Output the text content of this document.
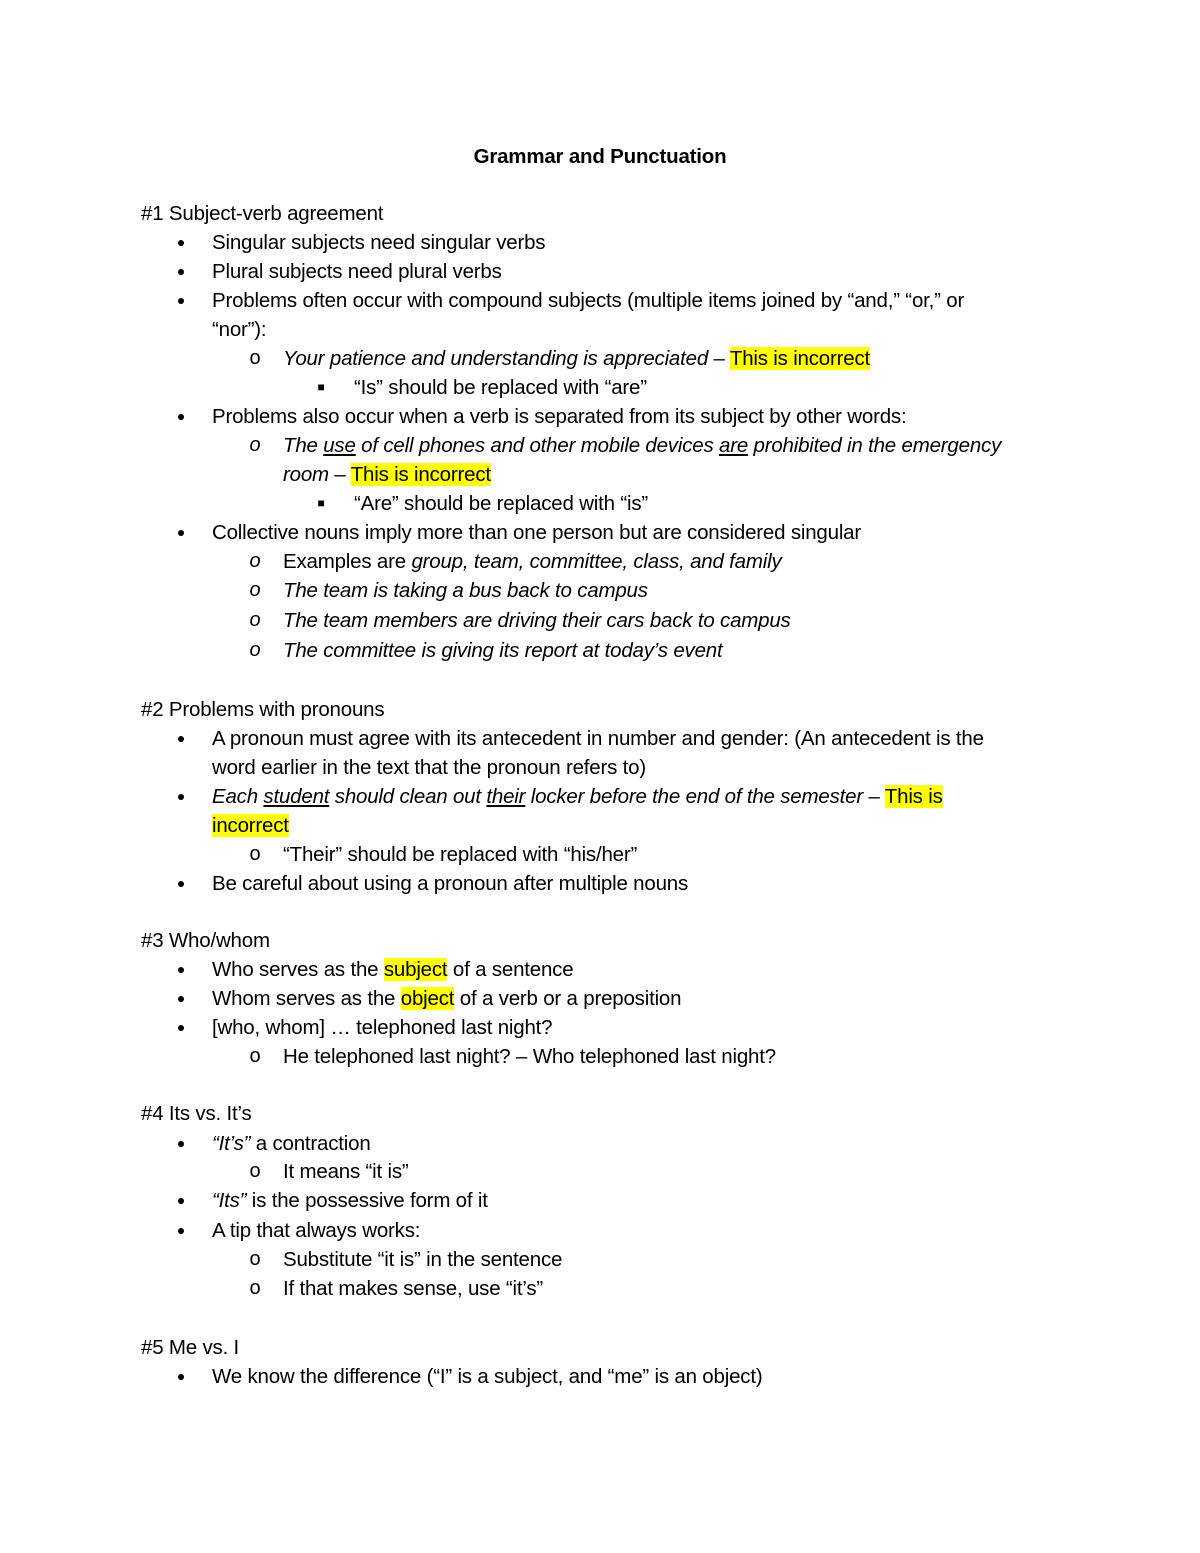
Grammar and Punctuation
#1 Subject-verb agreement
● Singular subjects need singular verbs
● Plural subjects need plural verbs
● Problems often occur with compound subjects (multiple items joined by “and,” “or,” or
“nor”):
o Your patience and understanding is appreciated – This is incorrect
■ “Is” should be replaced with “are”
● Problems also occur when a verb is separated from its subject by other words:
o The use of cell phones and other mobile devices are prohibited in the emergency
room – This is incorrect
■ “Are” should be replaced with “is”
● Collective nouns imply more than one person but are considered singular
o Examples are group, team, committee, class, and family
o The team is taking a bus back to campus
o The team members are driving their cars back to campus
o The committee is giving its report at today’s event
#2 Problems with pronouns
● A pronoun must agree with its antecedent in number and gender: (An antecedent is the
word earlier in the text that the pronoun refers to)
● Each student should clean out their locker before the end of the semester – This is
incorrect
o “Their” should be replaced with “his/her”
● Be careful about using a pronoun after multiple nouns
#3 Who/whom
● Who serves as the subject of a sentence
● Whom serves as the object of a verb or a preposition
● [who, whom] … telephoned last night?
o He telephoned last night? – Who telephoned last night?
#4 Its vs. It’s
● “It’s” a contraction
o It means “it is”
● “Its” is the possessive form of it
● A tip that always works:
o Substitute “it is” in the sentence
o If that makes sense, use “it’s”
#5 Me vs. I
● We know the difference (“I” is a subject, and “me” is an object)
